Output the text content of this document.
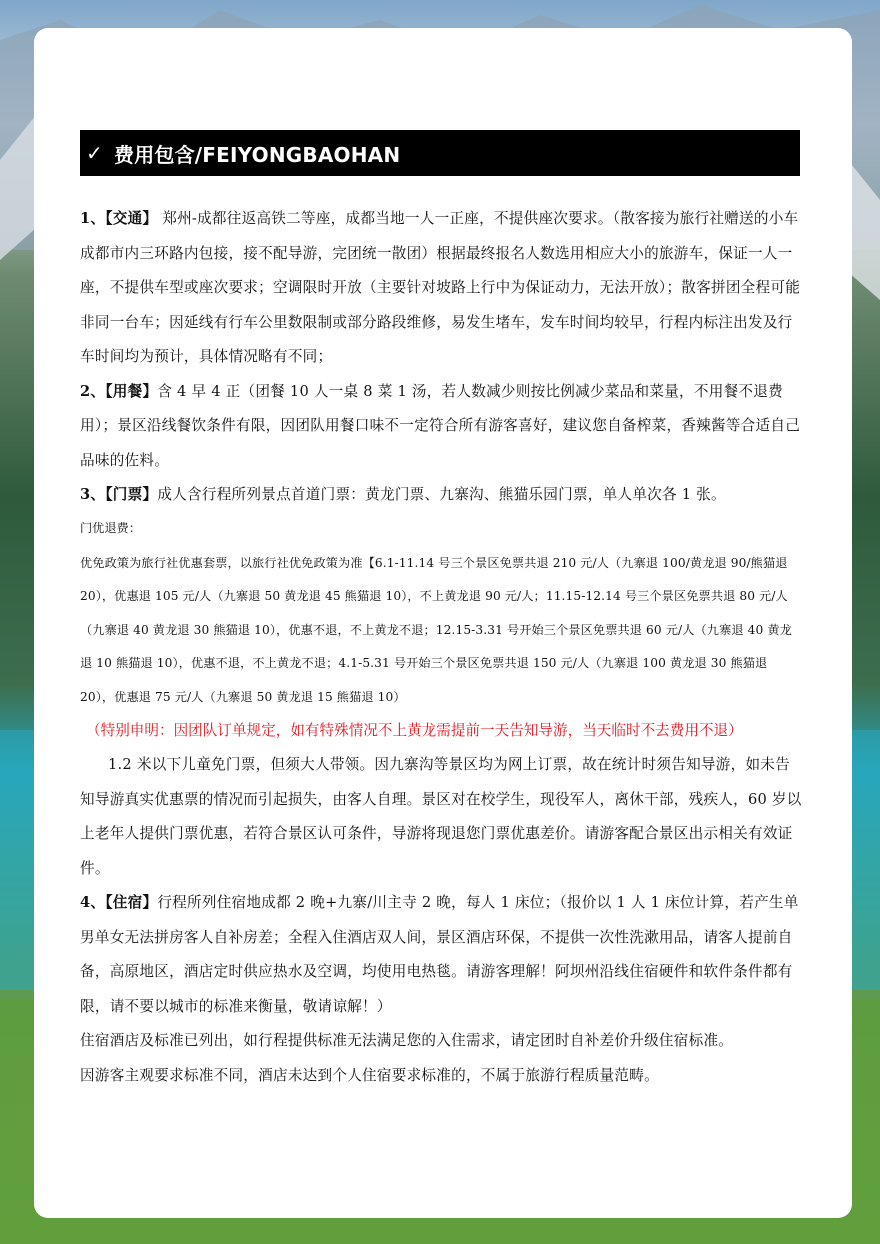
✓ 费用包含/FEIYONGBAOHAN

1、【交通】 郑州-成都往返高铁二等座，成都当地一人一正座，不提供座次要求。（散客接为旅行社赠送的小车成都市内三环路内包接，接不配导游，完团统一散团）根据最终报名人数选用相应大小的旅游车，保证一人一座，不提供车型或座次要求；空调限时开放（主要针对坡路上行中为保证动力，无法开放）；散客拼团全程可能非同一台车；因延线有行车公里数限制或部分路段维修，易发生堵车，发车时间均较早，行程内标注出发及行车时间均为预计，具体情况略有不同；

2、【用餐】含 4 早 4 正（团餐 10 人一桌 8 菜 1 汤，若人数减少则按比例减少菜品和菜量，不用餐不退费用）；景区沿线餐饮条件有限，因团队用餐口味不一定符合所有游客喜好，建议您自备榨菜，香辣酱等合适自己品味的佐料。

3、【门票】成人含行程所列景点首道门票：黄龙门票、九寨沟、熊猫乐园门票，单人单次各 1 张。

门优退费：

优免政策为旅行社优惠套票，以旅行社优免政策为准【6.1-11.14 号三个景区免票共退 210 元/人（九寨退 100/黄龙退 90/熊猫退 20），优惠退 105 元/人（九寨退 50 黄龙退 45 熊猫退 10），不上黄龙退 90 元/人；11.15-12.14 号三个景区免票共退 80 元/人（九寨退 40 黄龙退 30 熊猫退 10），优惠不退，不上黄龙不退；12.15-3.31 号开始三个景区免票共退 60 元/人（九寨退 40 黄龙退 10 熊猫退 10），优惠不退，不上黄龙不退；4.1-5.31 号开始三个景区免票共退 150 元/人（九寨退 100 黄龙退 30 熊猫退 20），优惠退 75 元/人（九寨退 50 黄龙退 15 熊猫退 10）

（特别申明：因团队订单规定，如有特殊情况不上黄龙需提前一天告知导游，当天临时不去费用不退）

1.2 米以下儿童免门票，但须大人带领。因九寨沟等景区均为网上订票，故在统计时须告知导游，如未告知导游真实优惠票的情况而引起损失，由客人自理。景区对在校学生，现役军人，离休干部，残疾人，60 岁以上老年人提供门票优惠，若符合景区认可条件，导游将现退您门票优惠差价。请游客配合景区出示相关有效证件。

4、【住宿】行程所列住宿地成都 2 晚+九寨/川主寺 2 晚，每人 1 床位；（报价以 1 人 1 床位计算，若产生单男单女无法拼房客人自补房差；全程入住酒店双人间，景区酒店环保，不提供一次性洗漱用品，请客人提前自备，高原地区，酒店定时供应热水及空调，均使用电热毯。请游客理解！阿坝州沿线住宿硬件和软件条件都有限，请不要以城市的标准来衡量，敬请谅解！）

住宿酒店及标准已列出，如行程提供标准无法满足您的入住需求，请定团时自补差价升级住宿标准。

因游客主观要求标准不同，酒店未达到个人住宿要求标准的，不属于旅游行程质量范畴。
